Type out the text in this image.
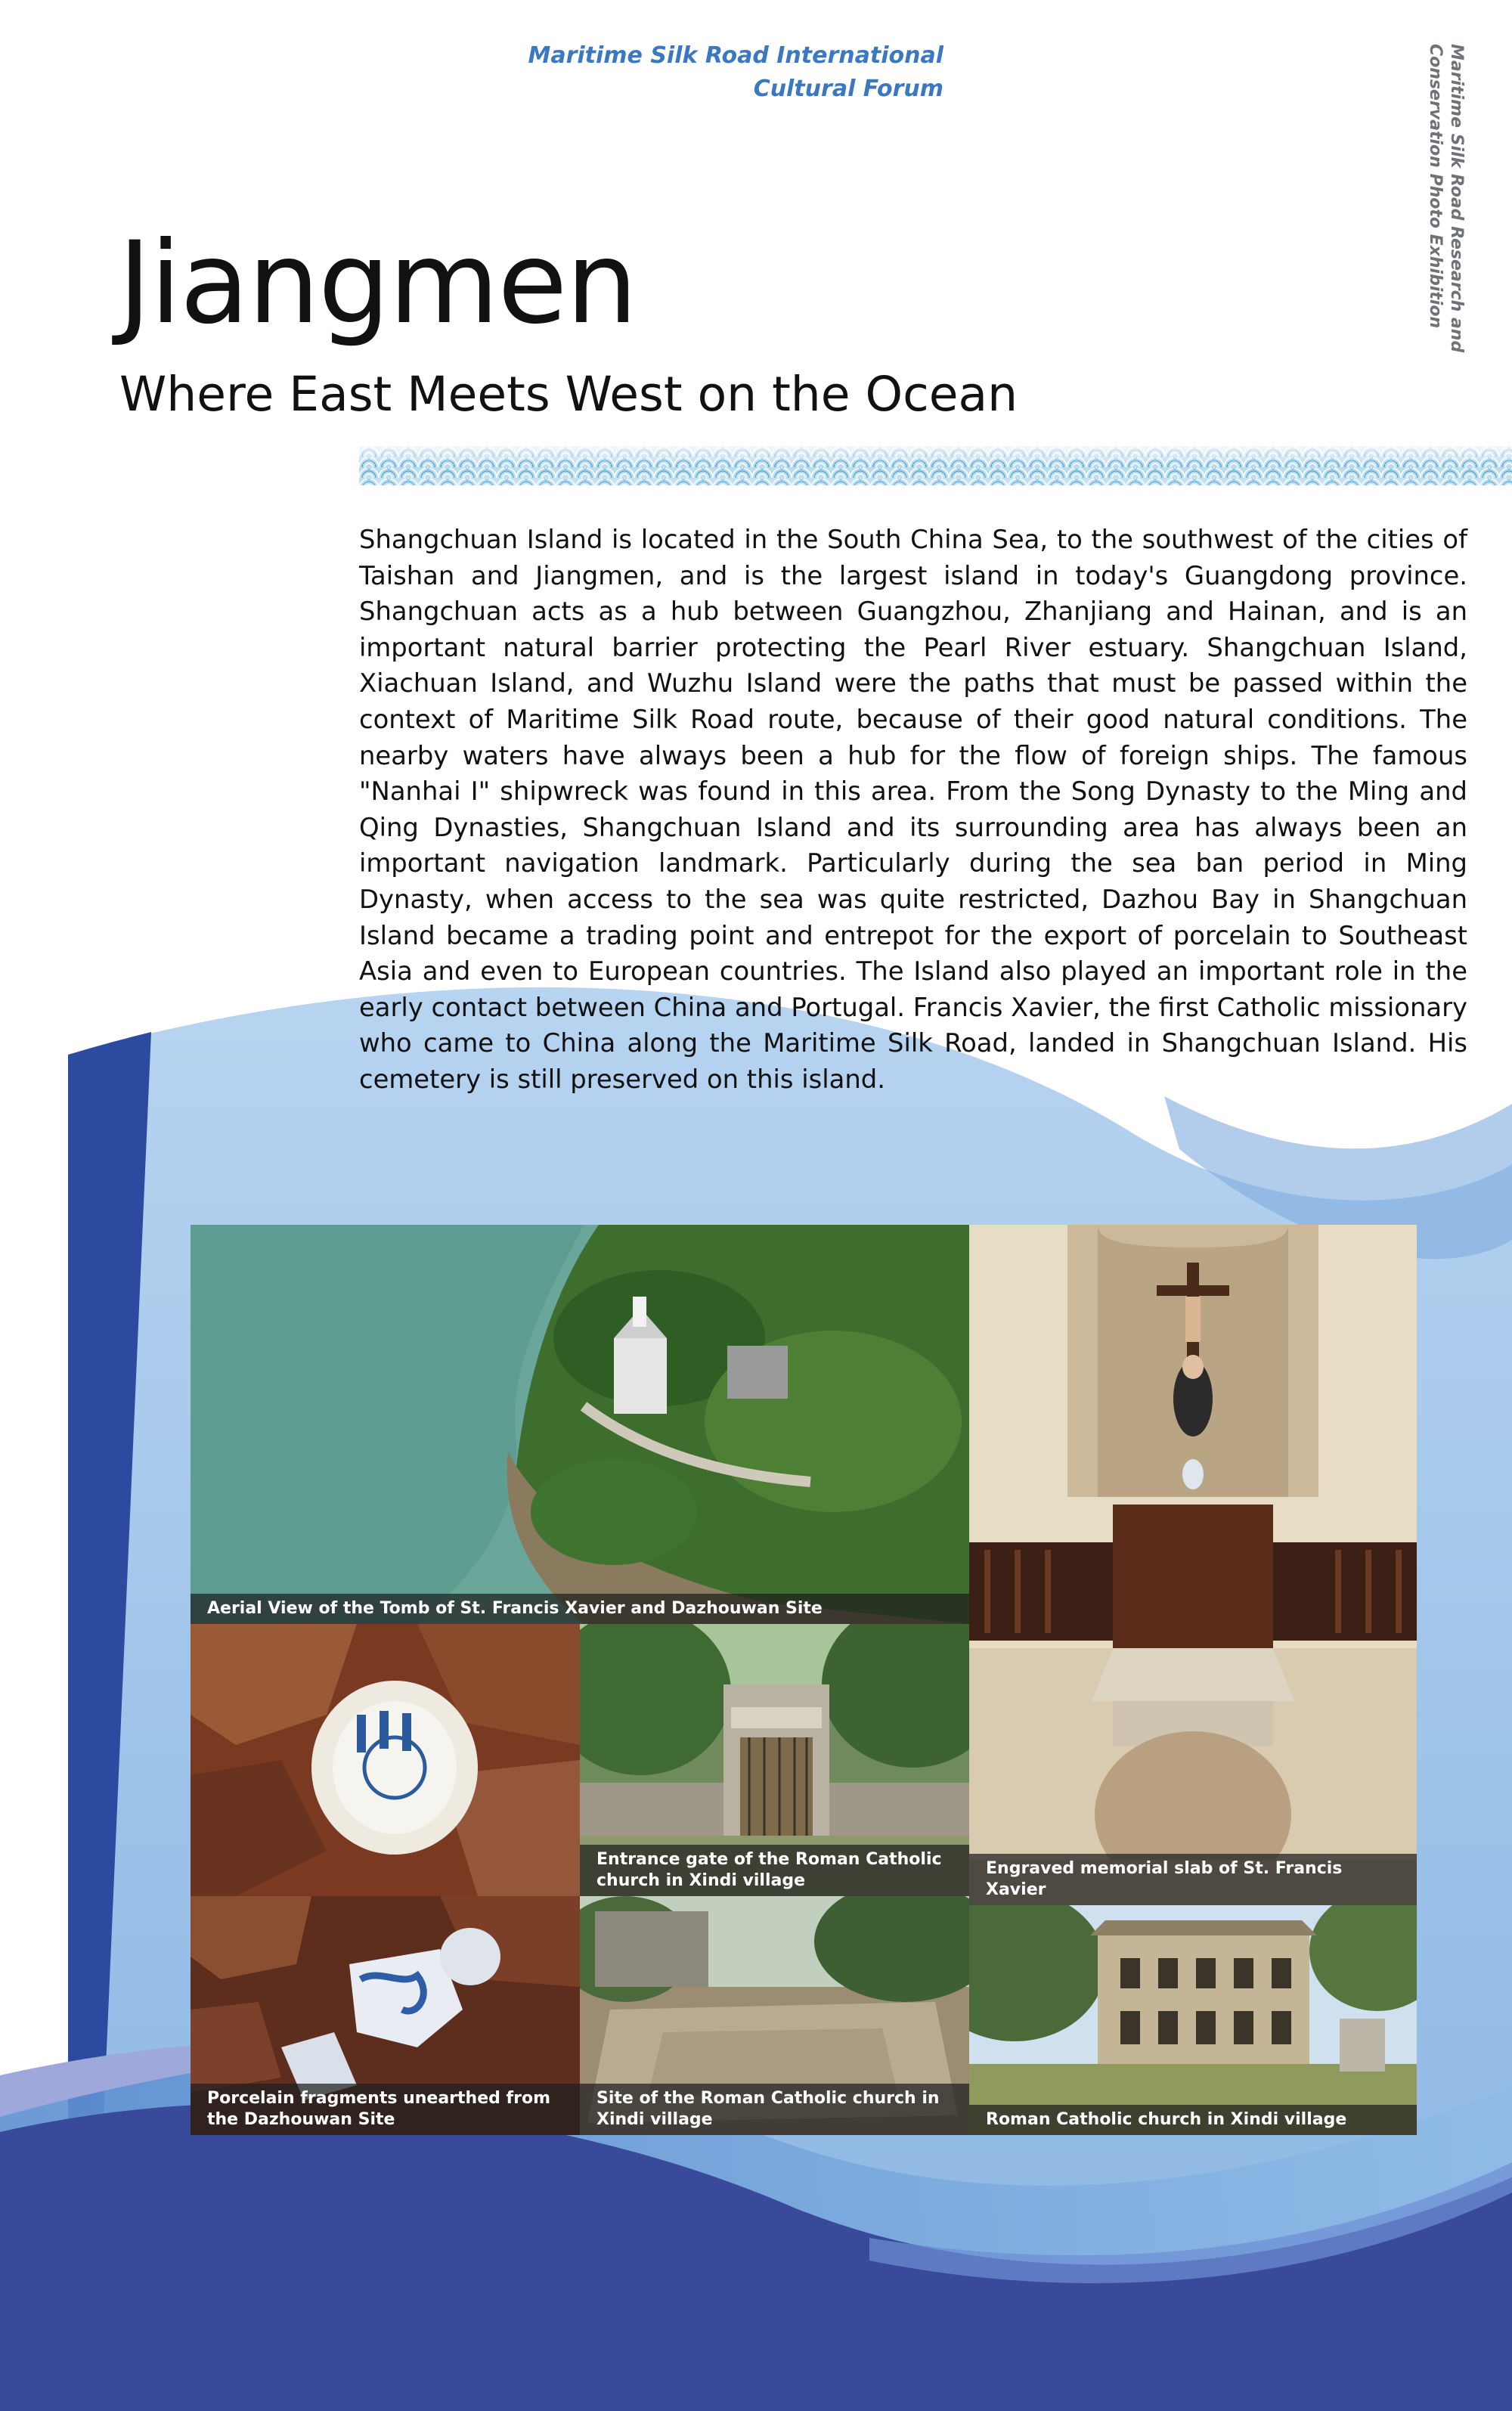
Maritime Silk Road International
Cultural Forum	Maritime Silk Road Research and
Conservation Photo Exhibition
Jiangmen
Where East Meets West on the Ocean

Shangchuan Island is located in the South China Sea, to the southwest of the cities of Taishan and Jiangmen, and is the largest island in today's Guangdong province. Shangchuan acts as a hub between Guangzhou, Zhanjiang and Hainan, and is an important natural barrier protecting the Pearl River estuary. Shangchuan Island, Xiachuan Island, and Wuzhu Island were the paths that must be passed within the context of Maritime Silk Road route, because of their good natural conditions. The nearby waters have always been a hub for the flow of foreign ships. The famous "Nanhai I" shipwreck was found in this area. From the Song Dynasty to the Ming and Qing Dynasties, Shangchuan Island and its surrounding area has always been an important navigation landmark. Particularly during the sea ban period in Ming Dynasty, when access to the sea was quite restricted, Dazhou Bay in Shangchuan Island became a trading point and entrepot for the export of porcelain to Southeast Asia and even to European countries. The Island also played an important role in the early contact between China and Portugal. Francis Xavier, the first Catholic missionary who came to China along the Maritime Silk Road, landed in Shangchuan Island. His cemetery is still preserved on this island.

Aerial View of the Tomb of St. Francis Xavier and Dazhouwan Site
Engraved memorial slab of St. Francis Xavier
Entrance gate of the Roman Catholic church in Xindi village
Porcelain fragments unearthed from the Dazhouwan Site
Site of the Roman Catholic church in Xindi village	Roman Catholic church in Xindi village
